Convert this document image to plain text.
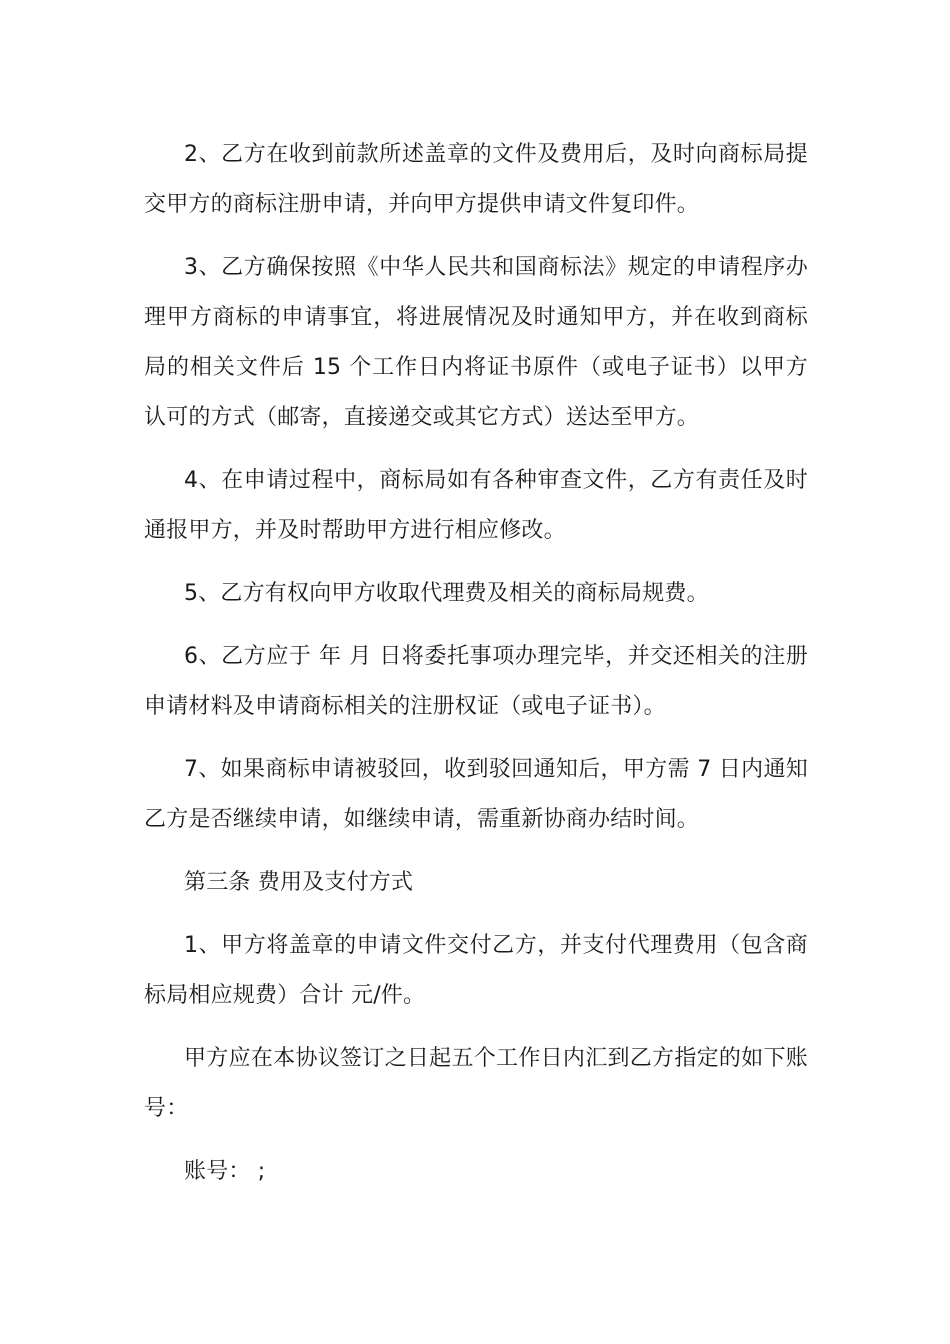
2、乙方在收到前款所述盖章的文件及费用后，及时向商标局提交甲方的商标注册申请，并向甲方提供申请文件复印件。

3、乙方确保按照《中华人民共和国商标法》规定的申请程序办理甲方商标的申请事宜，将进展情况及时通知甲方，并在收到商标局的相关文件后 15 个工作日内将证书原件（或电子证书）以甲方认可的方式（邮寄，直接递交或其它方式）送达至甲方。

4、在申请过程中，商标局如有各种审查文件，乙方有责任及时通报甲方，并及时帮助甲方进行相应修改。

5、乙方有权向甲方收取代理费及相关的商标局规费。

6、乙方应于 年 月 日将委托事项办理完毕，并交还相关的注册申请材料及申请商标相关的注册权证（或电子证书）。

7、如果商标申请被驳回，收到驳回通知后，甲方需 7 日内通知乙方是否继续申请，如继续申请，需重新协商办结时间。

第三条 费用及支付方式

1、甲方将盖章的申请文件交付乙方，并支付代理费用（包含商标局相应规费）合计 元/件。

甲方应在本协议签订之日起五个工作日内汇到乙方指定的如下账号：

账号： ;
